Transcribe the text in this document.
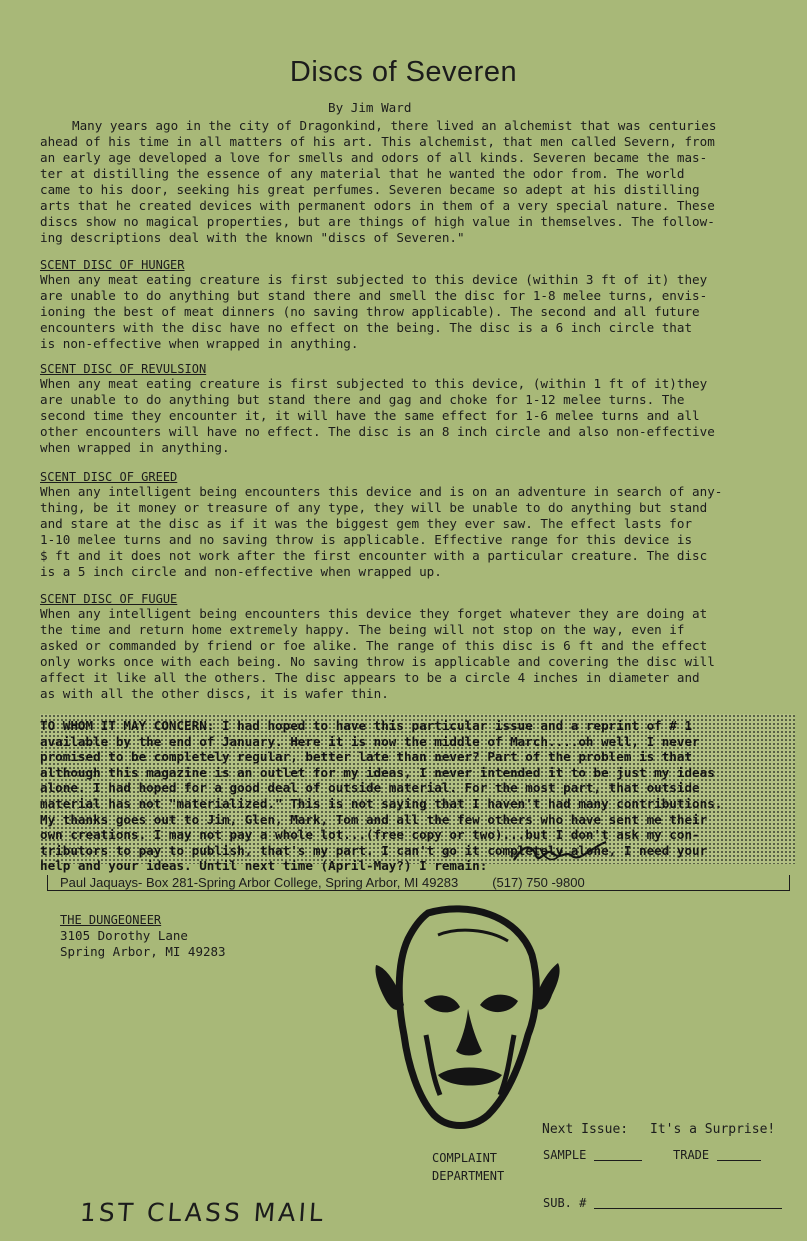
Discs of Severen
By Jim Ward

Many years ago in the city of Dragonkind, there lived an alchemist that was centuries
ahead of his time in all matters of his art. This alchemist, that men called Severn, from
an early age developed a love for smells and odors of all kinds. Severen became the mas-
ter at distilling the essence of any material that he wanted the odor from. The world
came to his door, seeking his great perfumes. Severen became so adept at his distilling
arts that he created devices with permanent odors in them of a very special nature. These
discs show no magical properties, but are things of high value in themselves. The follow-
ing descriptions deal with the known "discs of Severen."

SCENT DISC OF HUNGER

When any meat eating creature is first subjected to this device (within 3 ft of it) they
are unable to do anything but stand there and smell the disc for 1-8 melee turns, envis-
ioning the best of meat dinners (no saving throw applicable). The second and all future
encounters with the disc have no effect on the being. The disc is a 6 inch circle that
is non-effective when wrapped in anything.

SCENT DISC OF REVULSION

When any meat eating creature is first subjected to this device, (within 1 ft of it)they
are unable to do anything but stand there and gag and choke for 1-12 melee turns. The
second time they encounter it, it will have the same effect for 1-6 melee turns and all
other encounters will have no effect. The disc is an 8 inch circle and also non-effective
when wrapped in anything.

SCENT DISC OF GREED

When any intelligent being encounters this device and is on an adventure in search of any-
thing, be it money or treasure of any type, they will be unable to do anything but stand
and stare at the disc as if it was the biggest gem they ever saw. The effect lasts for
1-10 melee turns and no saving throw is applicable. Effective range for this device is
$ ft and it does not work after the first encounter with a particular creature. The disc
is a 5 inch circle and non-effective when wrapped up.

SCENT DISC OF FUGUE

When any intelligent being encounters this device they forget whatever they are doing at
the time and return home extremely happy. The being will not stop on the way, even if
asked or commanded by friend or foe alike. The range of this disc is 6 ft and the effect
only works once with each being. No saving throw is applicable and covering the disc will
affect it like all the others. The disc appears to be a circle 4 inches in diameter and
as with all the other discs, it is wafer thin.

TO WHOM IT MAY CONCERN: I had hoped to have this particular issue and a reprint of # 1
available by the end of January. Here it is now the middle of March....oh well, I never
promised to be completely regular, better late than never? Part of the problem is that
although this magazine is an outlet for my ideas, I never intended it to be just my ideas
alone. I had hoped for a good deal of outside material. For the most part, that outside
material has not "materialized." This is not saying that I haven't had many contributions.
My thanks goes out to Jim, Glen, Mark, Tom and all the few others who have sent me their
own creations. I may not pay a whole lot...(free copy or two)...but I don't ask my con-
tributors to pay to publish, that's my part. I can't go it completely alone, I need your
help and your ideas. Until next time (April-May?) I remain:
Paul Jaquays- Box 281-Spring Arbor College, Spring Arbor, MI 49283	(517) 750 -9800
THE DUNGEONEER
3105 Dorothy Lane
Spring Arbor, MI 49283
Next Issue: It's a Surprise!
COMPLAINT
DEPARTMENT
SAMPLE	TRADE
SUB. #
1ST CLASS MAIL
